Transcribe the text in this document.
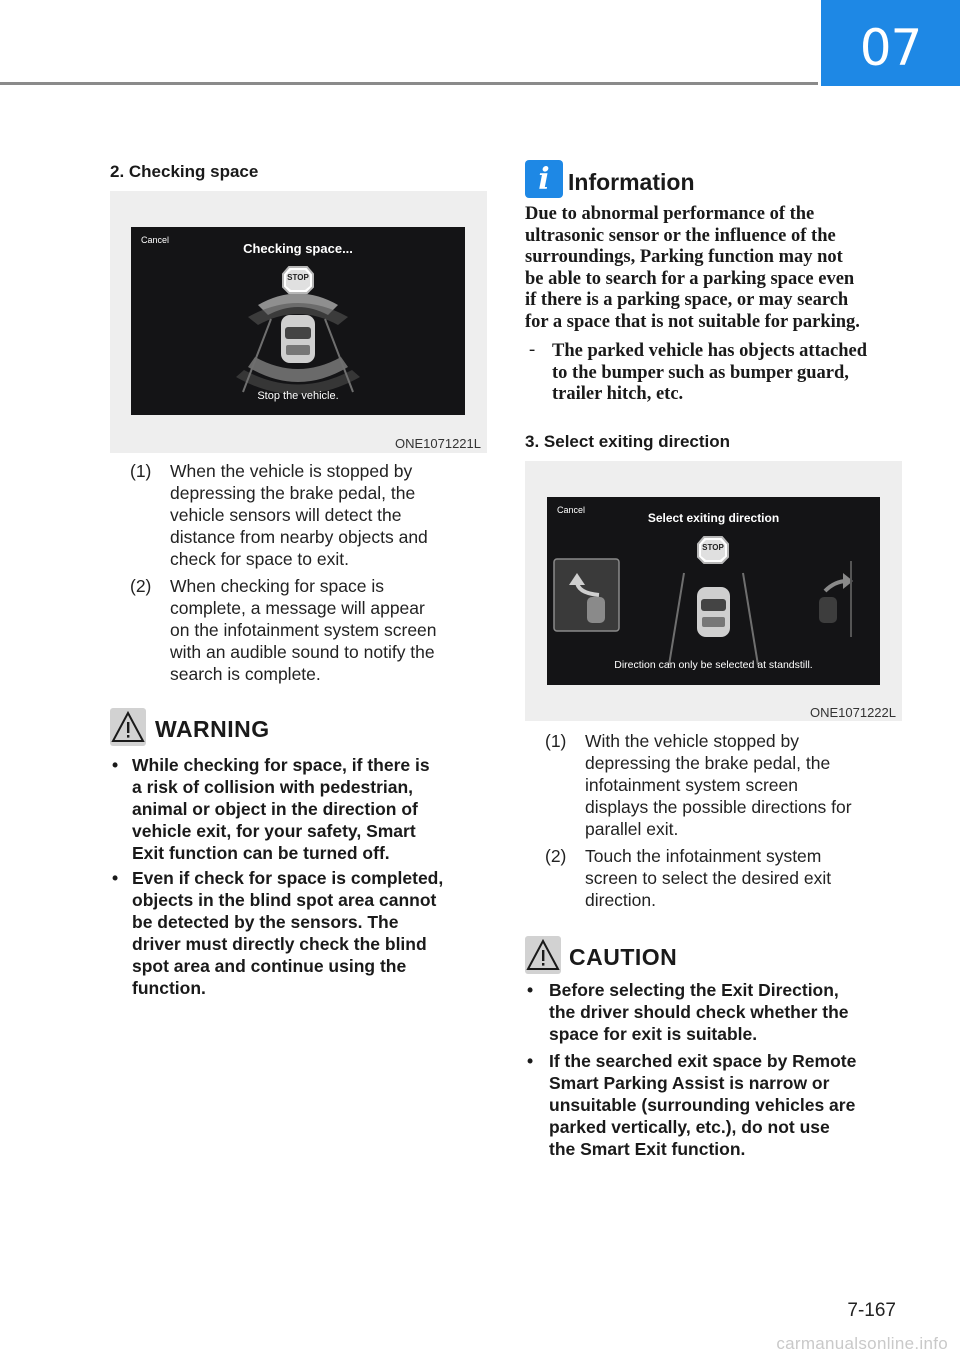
07
2. Checking space
Cancel
Checking space...
STOP
Stop the vehicle.
ONE1071221L
(1) When the vehicle is stopped by
depressing the brake pedal, the
vehicle sensors will detect the
distance from nearby objects and
check for space to exit.
(2) When checking for space is
complete, a message will appear
on the infotainment system screen
with an audible sound to notify the
search is complete.
WARNING
• While checking for space, if there is
a risk of collision with pedestrian,
animal or object in the direction of
vehicle exit, for your safety, Smart
Exit function can be turned off.
• Even if check for space is completed,
objects in the blind spot area cannot
be detected by the sensors. The
driver must directly check the blind
spot area and continue using the
function.
i Information
Due to abnormal performance of the
ultrasonic sensor or the influence of the
surroundings, Parking function may not
be able to search for a parking space even
if there is a parking space, or may search
for a space that is not suitable for parking.
- The parked vehicle has objects attached
to the bumper such as bumper guard,
trailer hitch, etc.
3. Select exiting direction
Cancel
Select exiting direction
STOP
Direction can only be selected at standstill.
ONE1071222L
(1) With the vehicle stopped by
depressing the brake pedal, the
infotainment system screen
displays the possible directions for
parallel exit.
(2) Touch the infotainment system
screen to select the desired exit
direction.
CAUTION
• Before selecting the Exit Direction,
the driver should check whether the
space for exit is suitable.
• If the searched exit space by Remote
Smart Parking Assist is narrow or
unsuitable (surrounding vehicles are
parked vertically, etc.), do not use
the Smart Exit function.
7-167
carmanualsonline.info
